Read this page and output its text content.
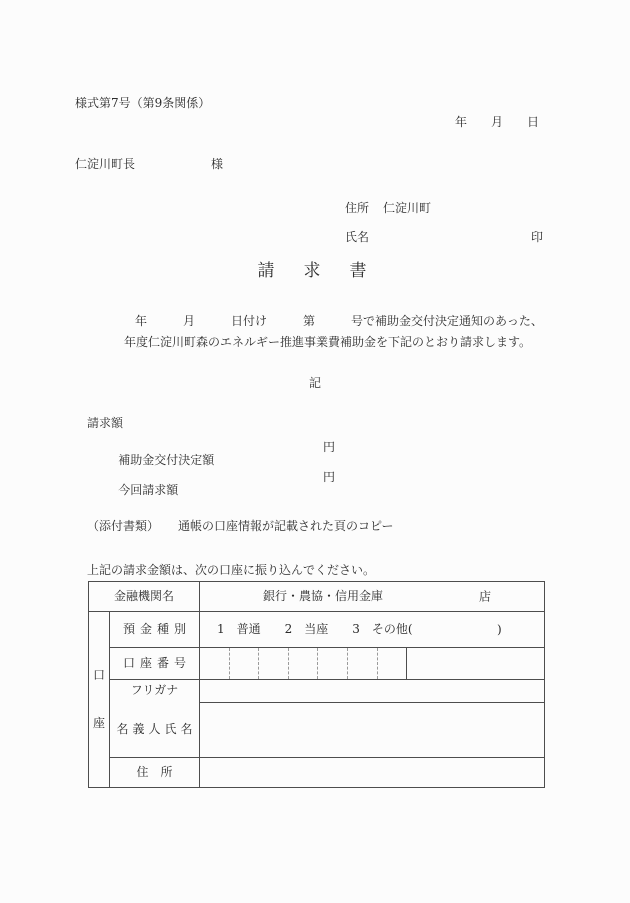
様式第7号（第9条関係）
年　　月　　日
仁淀川町長	様
住所 仁淀川町
氏名	印
請　求　書
年　　　月　　　日付け　　　第　　　号で補助金交付決定通知のあった、
年度仁淀川町森のエネルギー推進事業費補助金を下記のとおり請求します。
記
請求額

補助金交付決定額

円

今回請求額

円

（添付書類） 通帳の口座情報が記載された頁のコピー
上記の請求金額は、次の口座に振り込んでください。
金融機関名	銀行・農協・信用金庫	店
口
座
預金種別	1　普通　　2　当座　　3　その他(	)
口座番号
フリガナ
名義人氏名
住　所
